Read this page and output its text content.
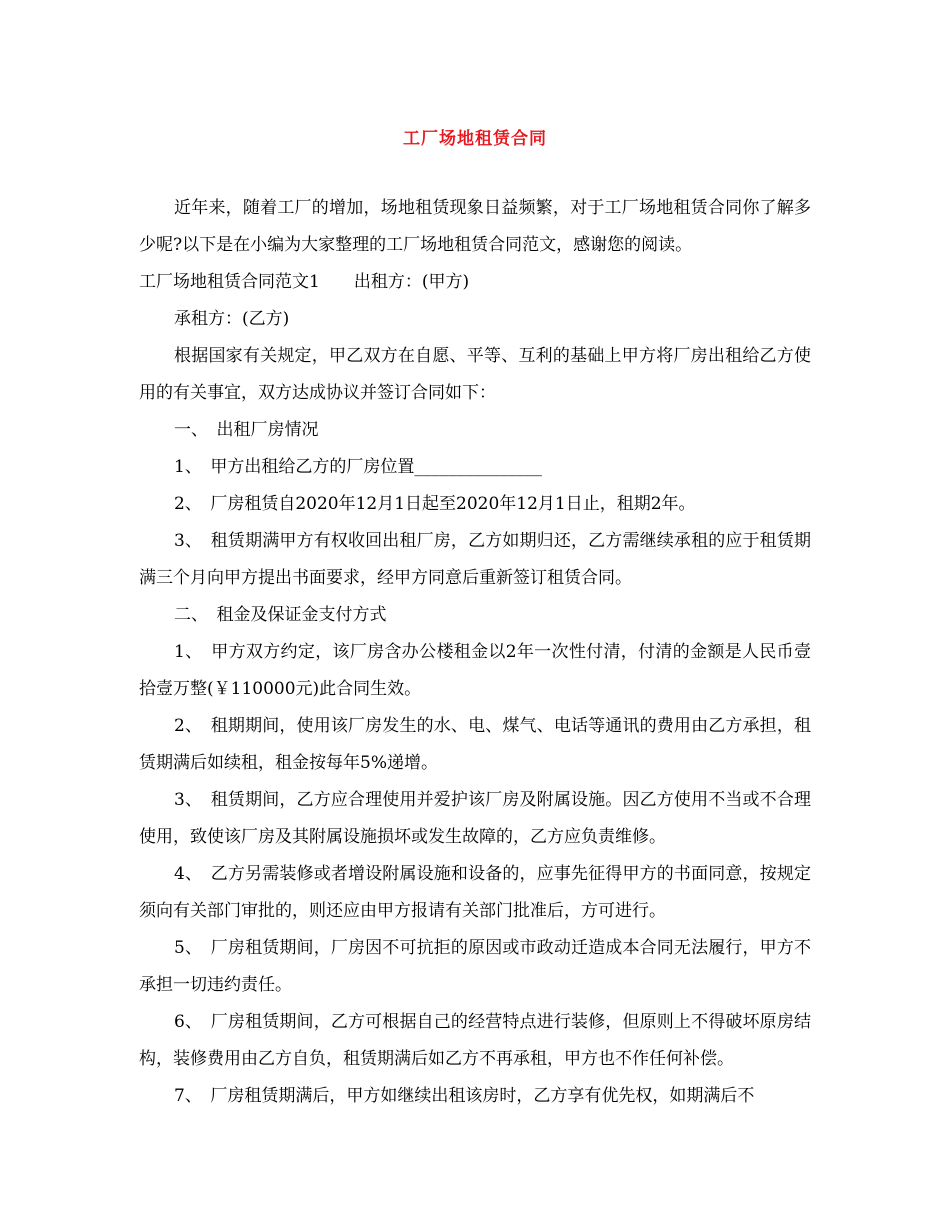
工厂场地租赁合同

近年来，随着工厂的增加，场地租赁现象日益频繁，对于工厂场地租赁合同你了解多少呢?以下是在小编为大家整理的工厂场地租赁合同范文，感谢您的阅读。

工厂场地租赁合同范文1　　出租方：(甲方)

承租方：(乙方)

根据国家有关规定，甲乙双方在自愿、平等、互利的基础上甲方将厂房出租给乙方使用的有关事宜，双方达成协议并签订合同如下：

一、　出租厂房情况

1、　甲方出租给乙方的厂房位置_______________

2、　厂房租赁自2020年12月1日起至2020年12月1日止，租期2年。

3、　租赁期满甲方有权收回出租厂房，乙方如期归还，乙方需继续承租的应于租赁期满三个月向甲方提出书面要求，经甲方同意后重新签订租赁合同。

二、　租金及保证金支付方式

1、　甲方双方约定，该厂房含办公楼租金以2年一次性付清，付清的金额是人民币壹拾壹万整(￥110000元)此合同生效。

2、　租期期间，使用该厂房发生的水、电、煤气、电话等通讯的费用由乙方承担，租赁期满后如续租，租金按每年5%递增。

3、　租赁期间，乙方应合理使用并爱护该厂房及附属设施。因乙方使用不当或不合理使用，致使该厂房及其附属设施损坏或发生故障的，乙方应负责维修。

4、　乙方另需装修或者增设附属设施和设备的，应事先征得甲方的书面同意，按规定须向有关部门审批的，则还应由甲方报请有关部门批准后，方可进行。

5、　厂房租赁期间，厂房因不可抗拒的原因或市政动迁造成本合同无法履行，甲方不承担一切违约责任。

6、　厂房租赁期间，乙方可根据自己的经营特点进行装修，但原则上不得破坏原房结构，装修费用由乙方自负，租赁期满后如乙方不再承租，甲方也不作任何补偿。

7、　厂房租赁期满后，甲方如继续出租该房时，乙方享有优先权，如期满后不
